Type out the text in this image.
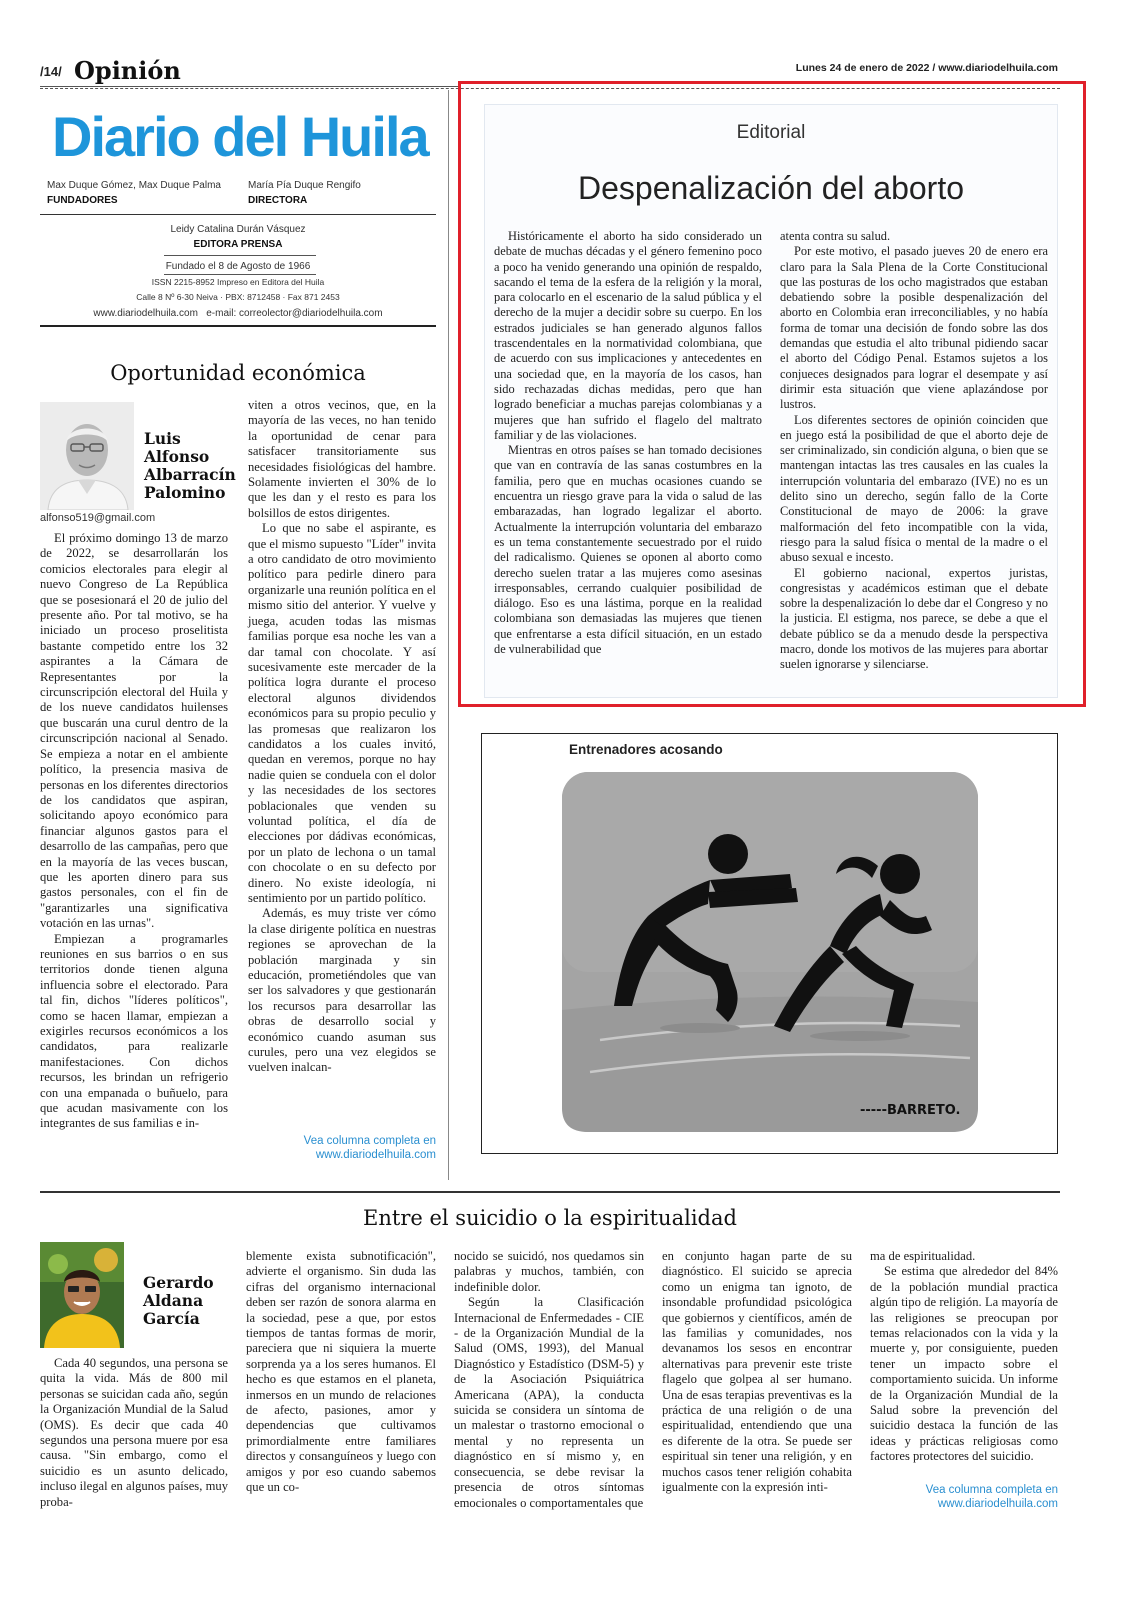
/14/ Opinión	Lunes 24 de enero de 2022 / www.diariodelhuila.com
Diario del Huila
Max Duque Gómez, Max Duque Palma
FUNDADORES
María Pía Duque Rengifo
DIRECTORA
Leidy Catalina Durán Vásquez
EDITORA PRENSA
Fundado el 8 de Agosto de 1966
ISSN 2215-8952 Impreso en Editora del Huila
Calle 8 Nº 6-30 Neiva · PBX: 8712458 · Fax 871 2453
www.diariodelhuila.com   e-mail: correolector@diariodelhuila.com
Oportunidad económica
Luis
Alfonso
Albarracín
Palomino
alfonso519@gmail.com

El próximo domingo 13 de marzo de 2022, se desarrollarán los comicios electorales para elegir al nuevo Congreso de La República que se posesionará el 20 de julio del presente año. Por tal motivo, se ha iniciado un proceso proselitista bastante competido entre los 32 aspirantes a la Cámara de Representantes por la circunscripción electoral del Huila y de los nueve candidatos huilenses que buscarán una curul dentro de la circunscripción nacional al Senado. Se empieza a notar en el ambiente político, la presencia masiva de personas en los diferentes directorios de los candidatos que aspiran, solicitando apoyo económico para financiar algunos gastos para el desarrollo de las campañas, pero que en la mayoría de las veces buscan, que les aporten dinero para sus gastos personales, con el fin de "garantizarles una significativa votación en las urnas".

Empiezan a programarles reuniones en sus barrios o en sus territorios donde tienen alguna influencia sobre el electorado. Para tal fin, dichos "líderes políticos", como se hacen llamar, empiezan a exigirles recursos económicos a los candidatos, para realizarle manifestaciones. Con dichos recursos, les brindan un refrigerio con una empanada o buñuelo, para que acudan masivamente con los integrantes de sus familias e in-

viten a otros vecinos, que, en la mayoría de las veces, no han tenido la oportunidad de cenar para satisfacer transitoriamente sus necesidades fisiológicas del hambre. Solamente invierten el 30% de lo que les dan y el resto es para los bolsillos de estos dirigentes.

Lo que no sabe el aspirante, es que el mismo supuesto "Líder" invita a otro candidato de otro movimiento político para pedirle dinero para organizarle una reunión política en el mismo sitio del anterior. Y vuelve y juega, acuden todas las mismas familias porque esa noche les van a dar tamal con chocolate. Y así sucesivamente este mercader de la política logra durante el proceso electoral algunos dividendos económicos para su propio peculio y las promesas que realizaron los candidatos a los cuales invitó, quedan en veremos, porque no hay nadie quien se conduela con el dolor y las necesidades de los sectores poblacionales que venden su voluntad política, el día de elecciones por dádivas económicas, por un plato de lechona o un tamal con chocolate o en su defecto por dinero. No existe ideología, ni sentimiento por un partido político.

Además, es muy triste ver cómo la clase dirigente política en nuestras regiones se aprovechan de la población marginada y sin educación, prometiéndoles que van ser los salvadores y que gestionarán los recursos para desarrollar las obras de desarrollo social y económico cuando asuman sus curules, pero una vez elegidos se vuelven inalcan-

Vea columna completa en www.diariodelhuila.com
Editorial
Despenalización del aborto

Históricamente el aborto ha sido considerado un debate de muchas décadas y el género femenino poco a poco ha venido generando una opinión de respaldo, sacando el tema de la esfera de la religión y la moral, para colocarlo en el escenario de la salud pública y el derecho de la mujer a decidir sobre su cuerpo. En los estrados judiciales se han generado algunos fallos trascendentales en la normatividad colombiana, que de acuerdo con sus implicaciones y antecedentes en una sociedad que, en la mayoría de los casos, han sido rechazadas dichas medidas, pero que han logrado beneficiar a muchas parejas colombianas y a mujeres que han sufrido el flagelo del maltrato familiar y de las violaciones.

Mientras en otros países se han tomado decisiones que van en contravía de las sanas costumbres en la familia, pero que en muchas ocasiones cuando se encuentra un riesgo grave para la vida o salud de las embarazadas, han logrado legalizar el aborto. Actualmente la interrupción voluntaria del embarazo es un tema constantemente secuestrado por el ruido del radicalismo. Quienes se oponen al aborto como derecho suelen tratar a las mujeres como asesinas irresponsables, cerrando cualquier posibilidad de diálogo. Eso es una lástima, porque en la realidad colombiana son demasiadas las mujeres que tienen que enfrentarse a esta difícil situación, en un estado de vulnerabilidad que

atenta contra su salud.

Por este motivo, el pasado jueves 20 de enero era claro para la Sala Plena de la Corte Constitucional que las posturas de los ocho magistrados que estaban debatiendo sobre la posible despenalización del aborto en Colombia eran irreconciliables, y no había forma de tomar una decisión de fondo sobre las dos demandas que estudia el alto tribunal pidiendo sacar el aborto del Código Penal. Estamos sujetos a los conjueces designados para lograr el desempate y así dirimir esta situación que viene aplazándose por lustros.

Los diferentes sectores de opinión coinciden que en juego está la posibilidad de que el aborto deje de ser criminalizado, sin condición alguna, o bien que se mantengan intactas las tres causales en las cuales la interrupción voluntaria del embarazo (IVE) no es un delito sino un derecho, según fallo de la Corte Constitucional de mayo de 2006: la grave malformación del feto incompatible con la vida, riesgo para la salud física o mental de la madre o el abuso sexual e incesto.

El gobierno nacional, expertos juristas, congresistas y académicos estiman que el debate sobre la despenalización lo debe dar el Congreso y no la justicia. El estigma, nos parece, se debe a que el debate público se da a menudo desde la perspectiva macro, donde los motivos de las mujeres para abortar suelen ignorarse y silenciarse.

Entrenadores acosando
-----BARRETO.
Entre el suicidio o la espiritualidad
Gerardo
Aldana
García

Cada 40 segundos, una persona se quita la vida. Más de 800 mil personas se suicidan cada año, según la Organización Mundial de la Salud (OMS). Es decir que cada 40 segundos una persona muere por esa causa. "Sin embargo, como el suicidio es un asunto delicado, incluso ilegal en algunos países, muy proba-

blemente exista subnotificación", advierte el organismo. Sin duda las cifras del organismo internacional deben ser razón de sonora alarma en la sociedad, pese a que, por estos tiempos de tantas formas de morir, pareciera que ni siquiera la muerte sorprenda ya a los seres humanos. El hecho es que estamos en el planeta, inmersos en un mundo de relaciones de afecto, pasiones, amor y dependencias que cultivamos primordialmente entre familiares directos y consanguíneos y luego con amigos y por eso cuando sabemos que un co-

nocido se suicidó, nos quedamos sin palabras y muchos, también, con indefinible dolor.

Según la Clasificación Internacional de Enfermedades - CIE - de la Organización Mundial de la Salud (OMS, 1993), del Manual Diagnóstico y Estadístico (DSM-5) y de la Asociación Psiquiátrica Americana (APA), la conducta suicida se considera un síntoma de un malestar o trastorno emocional o mental y no representa un diagnóstico en sí mismo y, en consecuencia, se debe revisar la presencia de otros síntomas emocionales o comportamentales que

en conjunto hagan parte de su diagnóstico. El suicido se aprecia como un enigma tan ignoto, de insondable profundidad psicológica que gobiernos y científicos, amén de las familias y comunidades, nos devanamos los sesos en encontrar alternativas para prevenir este triste flagelo que golpea al ser humano. Una de esas terapias preventivas es la práctica de una religión o de una espiritualidad, entendiendo que una es diferente de la otra. Se puede ser espiritual sin tener una religión, y en muchos casos tener religión cohabita igualmente con la expresión inti-

ma de espiritualidad.

Se estima que alrededor del 84% de la población mundial practica algún tipo de religión. La mayoría de las religiones se preocupan por temas relacionados con la vida y la muerte y, por consiguiente, pueden tener un impacto sobre el comportamiento suicida. Un informe de la Organización Mundial de la Salud sobre la prevención del suicidio destaca la función de las ideas y prácticas religiosas como factores protectores del suicidio.

Vea columna completa en www.diariodelhuila.com
